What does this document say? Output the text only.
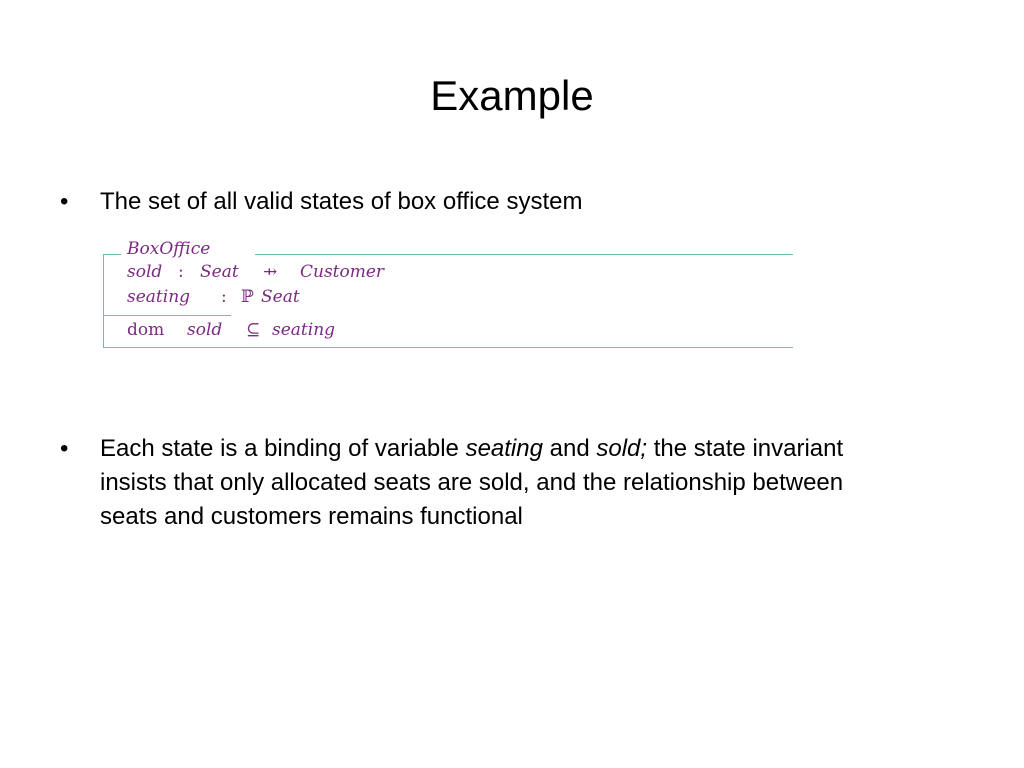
Example
•	The set of all valid states of box office system
BoxOffice
sold : Seat ⇸ Customer
seating : ℙ Seat
dom sold ⊆ seating
•	Each state is a binding of variable seating and sold; the state invariant insists that only allocated seats are sold, and the relationship between seats and customers remains functional
